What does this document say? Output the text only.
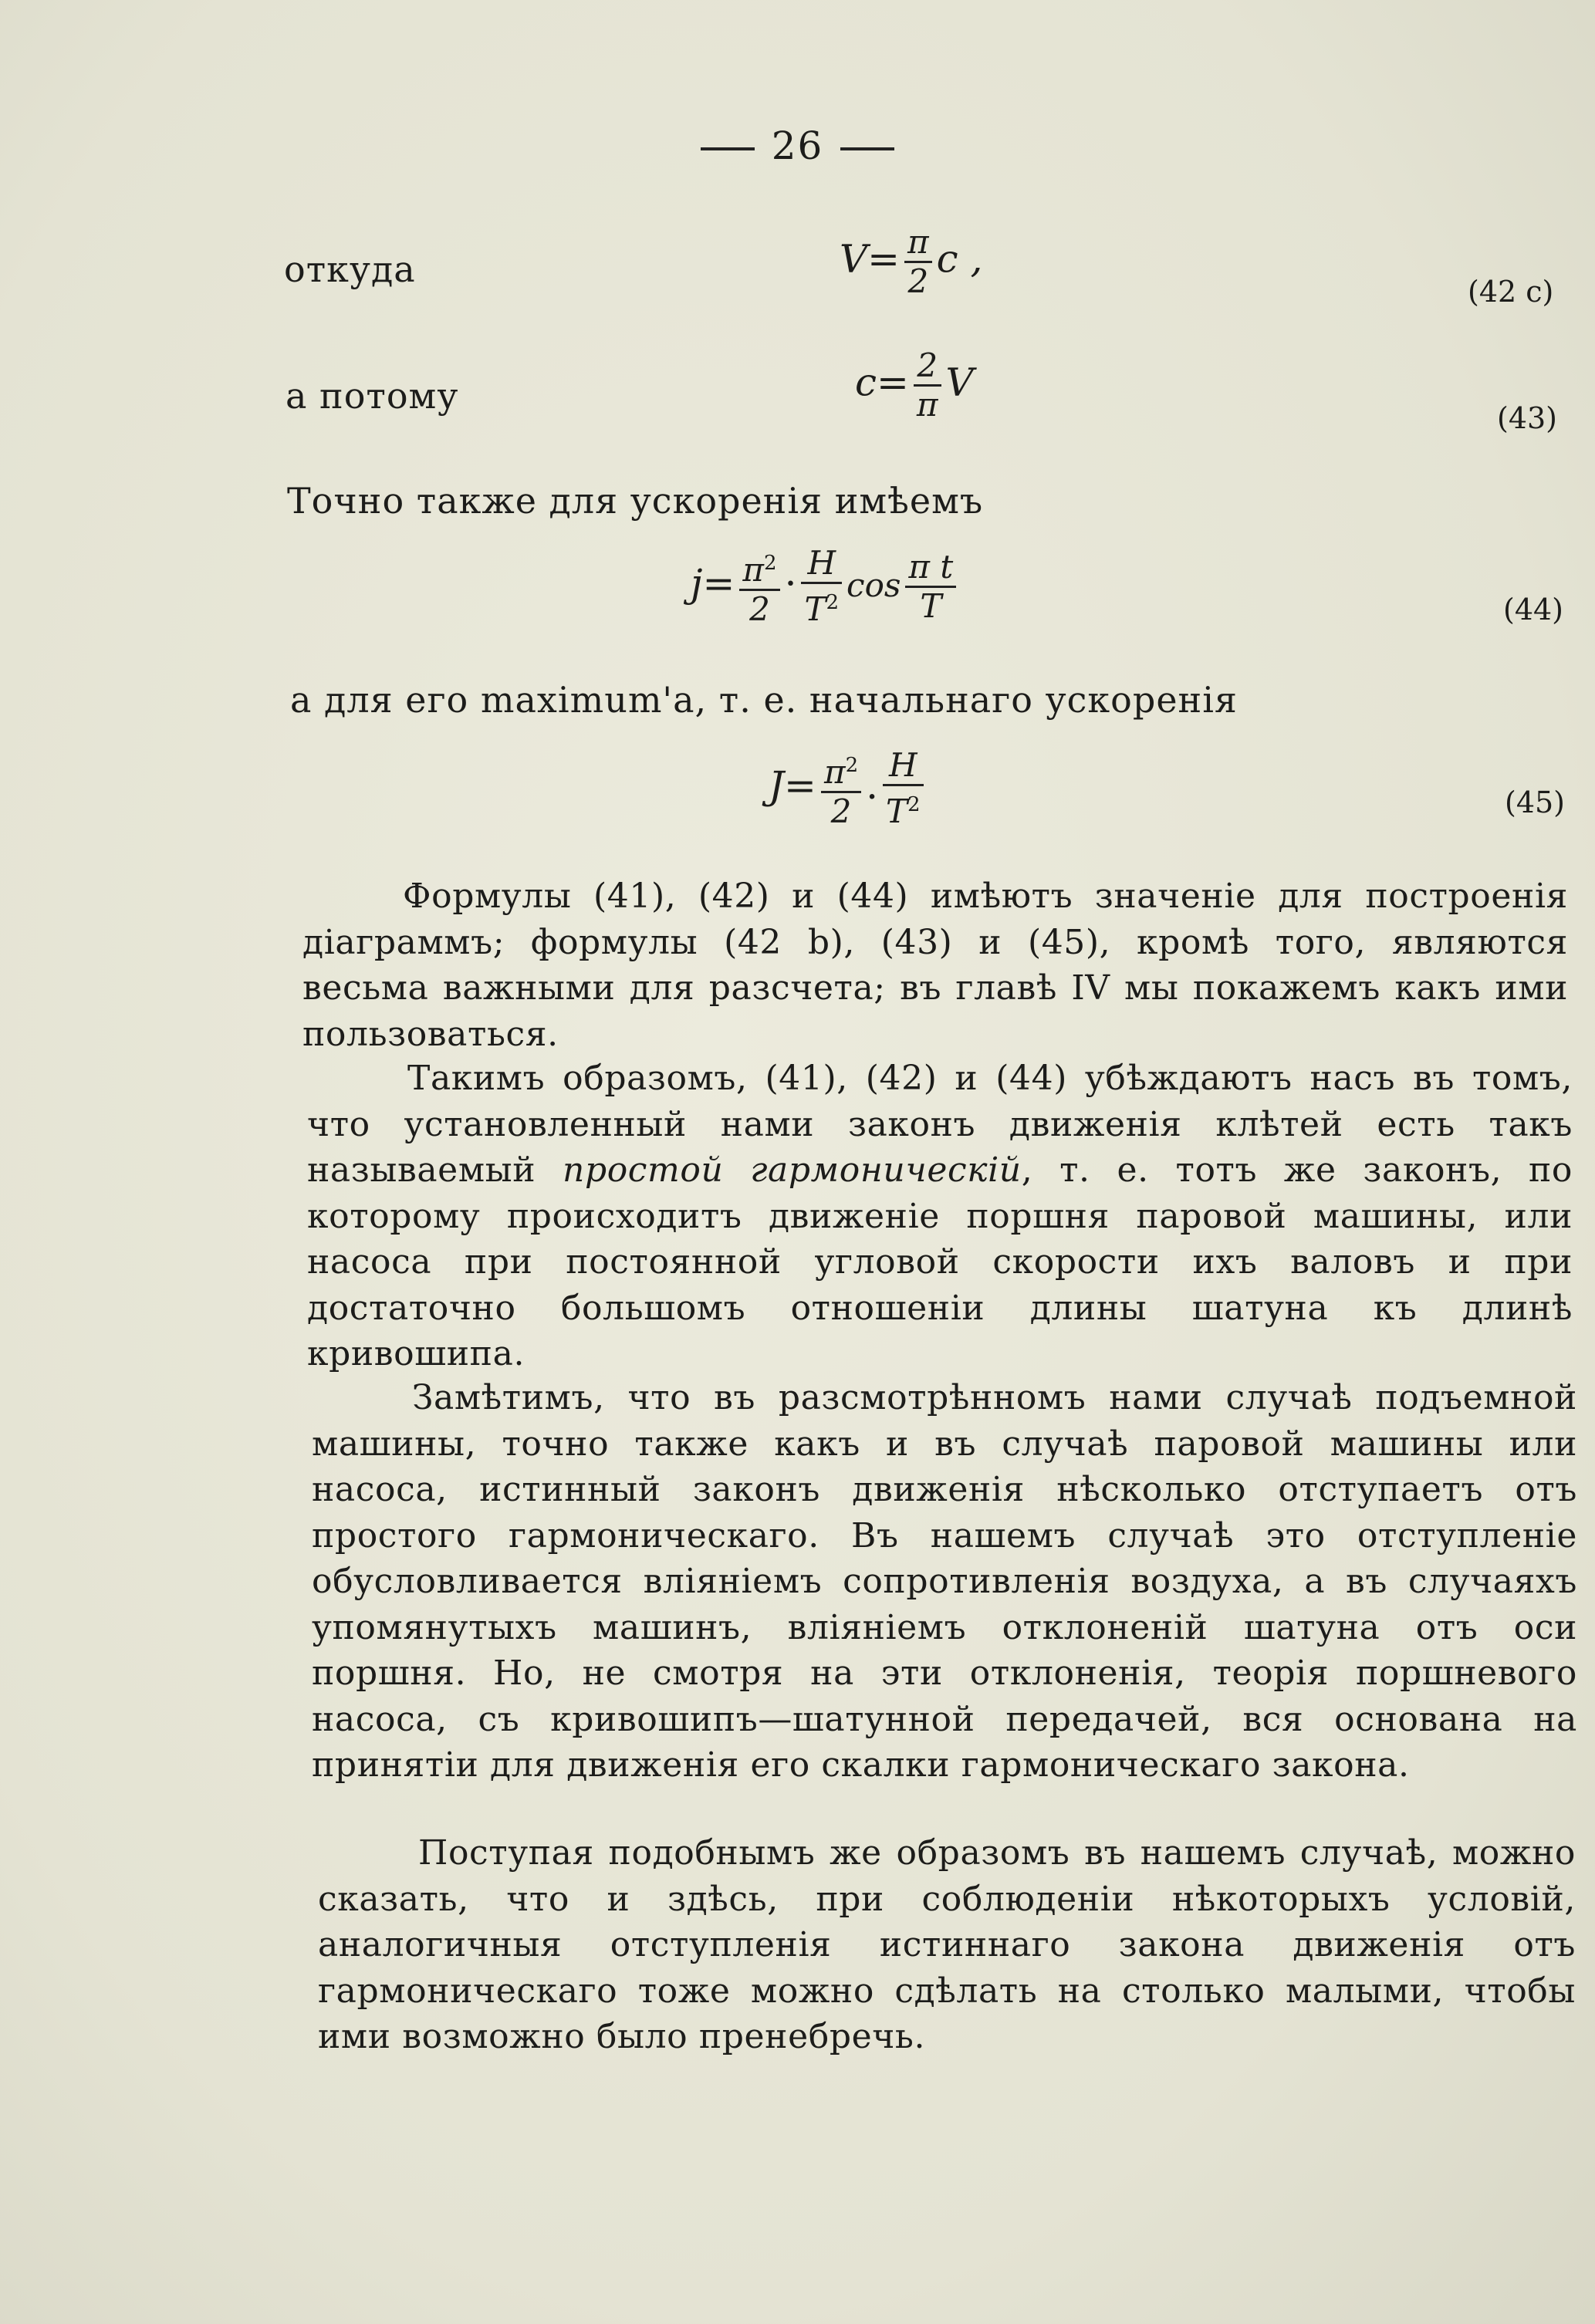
26
откуда	$V= \frac{\pi}{2}$ c ,
(42 c)
а потому	$c= \frac{2}{\pi}$ V
(43)
Точно также для ускоренія имѣемъ
$j= \frac{\pi^2}{2} \cdot \frac{H}{T^2}$ $\cos \frac{\text{π t}}{T}$	(44)
а для его maximum'a, т. е. начальнаго ускоренія
$J= \frac{\pi^2}{2}$ . $\frac{H}{T^2}$	(45)
Формулы (41), (42) и (44) имѣютъ значеніе для построенія діаграммъ; формулы (42 b), (43) и (45), кромѣ того, являются весьма важными для разсчета; въ главѣ IV мы покажемъ какъ ими пользоваться.
Такимъ образомъ, (41), (42) и (44) убѣждаютъ насъ въ томъ, что установленный нами законъ движенія клѣтей есть такъ называемый простой гармоническій, т. е. тотъ же законъ, по которому происходитъ движеніе поршня паровой машины, или насоса при постоянной угловой скорости ихъ валовъ и при достаточно большомъ отношеніи длины шатуна къ длинѣ кривошипа.
Замѣтимъ, что въ разсмотрѣнномъ нами случаѣ подъемной машины, точно также какъ и въ случаѣ паровой машины или насоса, истинный законъ движенія нѣсколько отступаетъ отъ простого гармоническаго. Въ нашемъ случаѣ это отступленіе обусловливается вліяніемъ сопротивленія воздуха, а въ случаяхъ упомянутыхъ машинъ, вліяніемъ отклоненій шатуна отъ оси поршня. Но, не смотря на эти отклоненія, теорія поршневого насоса, съ кривошипъ—шатунной передачей, вся основана на принятіи для движенія его скалки гармоническаго закона.
Поступая подобнымъ же образомъ въ нашемъ случаѣ, можно сказать, что и здѣсь, при соблюденіи нѣкоторыхъ условій, аналогичныя отступленія истиннаго закона движенія отъ гармоническаго тоже можно сдѣлать на столько малыми, чтобы ими возможно было пренебречь.
